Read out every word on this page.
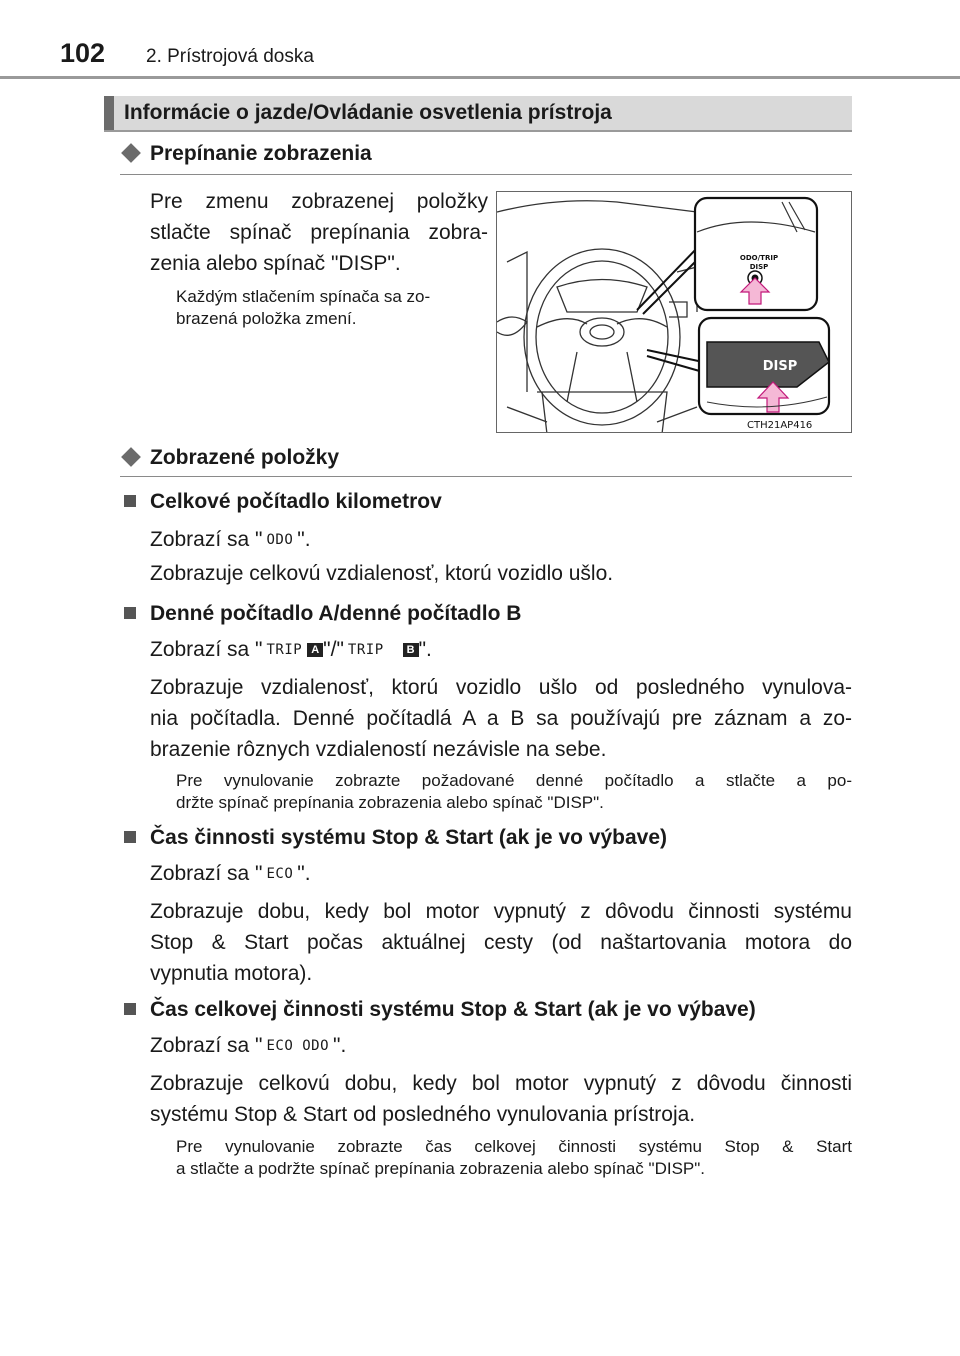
102 2. Prístrojová doska
Informácie o jazde/Ovládanie osvetlenia prístroja
Prepínanie zobrazenia
Pre zmenu zobrazenej položky
stlačte spínač prepínania zobra-
zenia alebo spínač "DISP".
Každým stlačením spínača sa zo-
brazená položka zmení.
ODO/TRIP
DISP
DISP
CTH21AP416
Zobrazené položky
Celkové počítadlo kilometrov
Zobrazí sa " ODO ".
Zobrazuje celkovú vzdialenosť, ktorú vozidlo ušlo.
Denné počítadlo A/denné počítadlo B
Zobrazí sa " TRIP A "/" TRIP B ".
Zobrazuje vzdialenosť, ktorú vozidlo ušlo od posledného vynulova-
nia počítadla. Denné počítadlá A a B sa používajú pre záznam a zo-
brazenie rôznych vzdialeností nezávisle na sebe.
Pre vynulovanie zobrazte požadované denné počítadlo a stlačte a po-
držte spínač prepínania zobrazenia alebo spínač "DISP".
Čas činnosti systému Stop & Start (ak je vo výbave)
Zobrazí sa " ECO ".
Zobrazuje dobu, kedy bol motor vypnutý z dôvodu činnosti systému
Stop & Start počas aktuálnej cesty (od naštartovania motora do
vypnutia motora).
Čas celkovej činnosti systému Stop & Start (ak je vo výbave)
Zobrazí sa " ECO ODO ".
Zobrazuje celkovú dobu, kedy bol motor vypnutý z dôvodu činnosti
systému Stop & Start od posledného vynulovania prístroja.
Pre vynulovanie zobrazte čas celkovej činnosti systému Stop & Start
a stlačte a podržte spínač prepínania zobrazenia alebo spínač "DISP".
